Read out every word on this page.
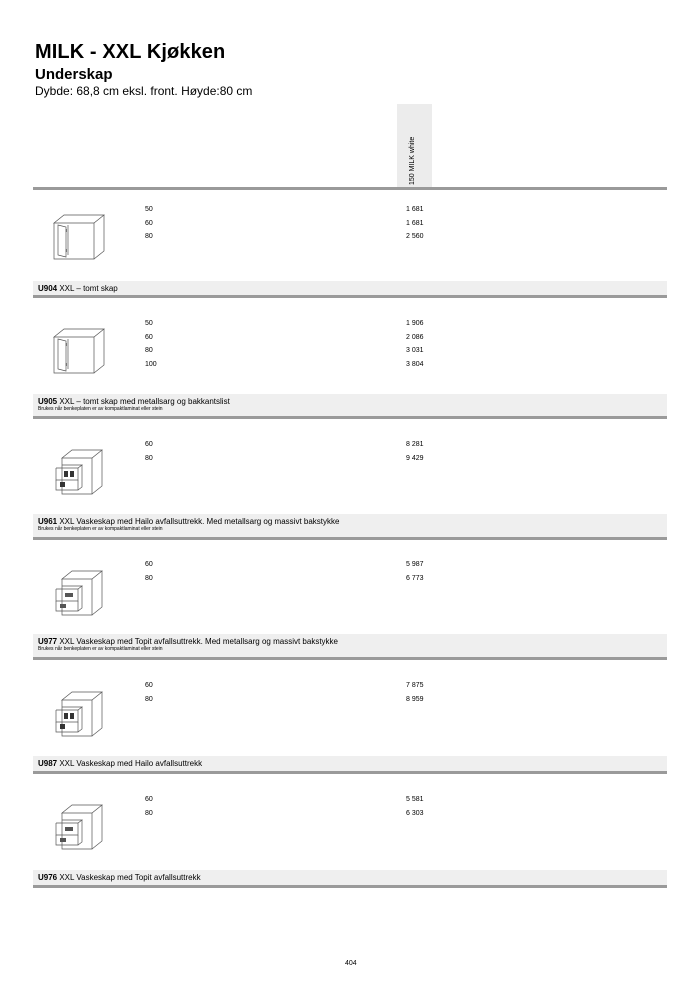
MILK - XXL Kjøkken
Underskap
Dybde: 68,8 cm eksl. front. Høyde:80 cm
150 MILK white
50
60
80
1 681
1 681
2 560
U904 XXL – tomt skap
50
60
80
100
1 906
2 086
3 031
3 804
U905 XXL – tomt skap med metallsarg og bakkantslist
Brukes når benkeplaten er av kompaktlaminat eller stein
60
80
8 281
9 429
U961 XXL Vaskeskap med Hailo avfallsuttrekk. Med metallsarg og massivt bakstykke
Brukes når benkeplaten er av kompaktlaminat eller stein
60
80
5 987
6 773
U977 XXL Vaskeskap med Topit avfallsuttrekk. Med metallsarg og massivt bakstykke
Brukes når benkeplaten er av kompaktlaminat eller stein
60
80
7 875
8 959
U987 XXL Vaskeskap med Hailo avfallsuttrekk
60
80
5 581
6 303
U976 XXL Vaskeskap med Topit avfallsuttrekk
404
